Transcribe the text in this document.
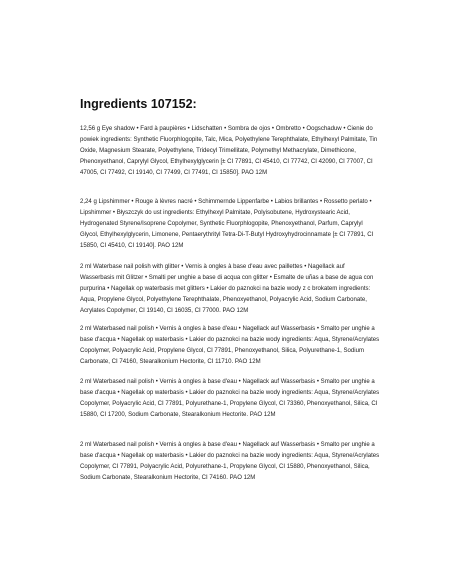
Ingredients 107152:

12,56 g Eye shadow • Fard à paupières • Lidschatten • Sombra de ojos • Ombretto • Oogschaduw • Cienie do powiek ingredients: Synthetic Fluorphlogopite, Talc, Mica, Polyethylene Terephthalate, Ethylhexyl Palmitate, Tin Oxide, Magnesium Stearate, Polyethylene, Tridecyl Trimellitate, Polymethyl Methacrylate, Dimethicone, Phenoxyethanol, Caprylyl Glycol, Ethylhexylglycerin [± CI 77891, CI 45410, CI 77742, CI 42090, CI 77007, CI 47005, CI 77492, CI 19140, CI 77499, CI 77491, CI 15850]. PAO 12M

2,24 g Lipshimmer • Rouge à lèvres nacré • Schimmernde Lippenfarbe • Labios brillantes • Rossetto perlato • Lipshimmer • Błyszczyk do ust ingredients: Ethylhexyl Palmitate, Polyisobutene, Hydroxystearic Acid, Hydrogenated Styrene/Isoprene Copolymer, Synthetic Fluorphlogopite, Phenoxyethanol, Parfum, Caprylyl Glycol, Ethylhexylglycerin, Limonene, Pentaerythrityl Tetra-Di-T-Butyl Hydroxyhydrocinnamate [± CI 77891, CI 15850, CI 45410, CI 19140]. PAO 12M

2 ml Waterbase nail polish with glitter • Vernis à ongles à base d'eau avec paillettes • Nagellack auf Wasserbasis mit Glitzer • Smalti per unghie a base di acqua con glitter • Esmalte de uñas a base de agua con purpurina • Nagellak op waterbasis met glitters • Lakier do paznokci na bazie wody z c brokatem ingredients: Aqua, Propylene Glycol, Polyethylene Terephthalate, Phenoxyethanol, Polyacrylic Acid, Sodium Carbonate, Acrylates Copolymer, CI 19140, CI 16035, CI 77000. PAO 12M

2 ml Waterbased nail polish • Vernis à ongles à base d'eau • Nagellack auf Wasserbasis • Smalto per unghie a base d'acqua • Nagellak op waterbasis • Lakier do paznokci na bazie wody ingredients: Aqua, Styrene/Acrylates Copolymer, Polyacrylic Acid, Propylene Glycol, CI 77891, Phenoxyethanol, Silica, Polyurethane-1, Sodium Carbonate, CI 74160, Stearalkonium Hectorite, CI 11710. PAO 12M

2 ml Waterbased nail polish • Vernis à ongles à base d'eau • Nagellack auf Wasserbasis • Smalto per unghie a base d'acqua • Nagellak op waterbasis • Lakier do paznokci na bazie wody ingredients: Aqua, Styrene/Acrylates Copolymer, Polyacrylic Acid, CI 77891, Polyurethane-1, Propylene Glycol, CI 73360, Phenoxyethanol, Silica, CI 15880, CI 17200, Sodium Carbonate, Stearalkonium Hectorite. PAO 12M

2 ml Waterbased nail polish • Vernis à ongles à base d'eau • Nagellack auf Wasserbasis • Smalto per unghie a base d'acqua • Nagellak op waterbasis • Lakier do paznokci na bazie wody ingredients: Aqua, Styrene/Acrylates Copolymer, CI 77891, Polyacrylic Acid, Polyurethane-1, Propylene Glycol, CI 15880, Phenoxyethanol, Silica, Sodium Carbonate, Stearalkonium Hectorite, CI 74160. PAO 12M
